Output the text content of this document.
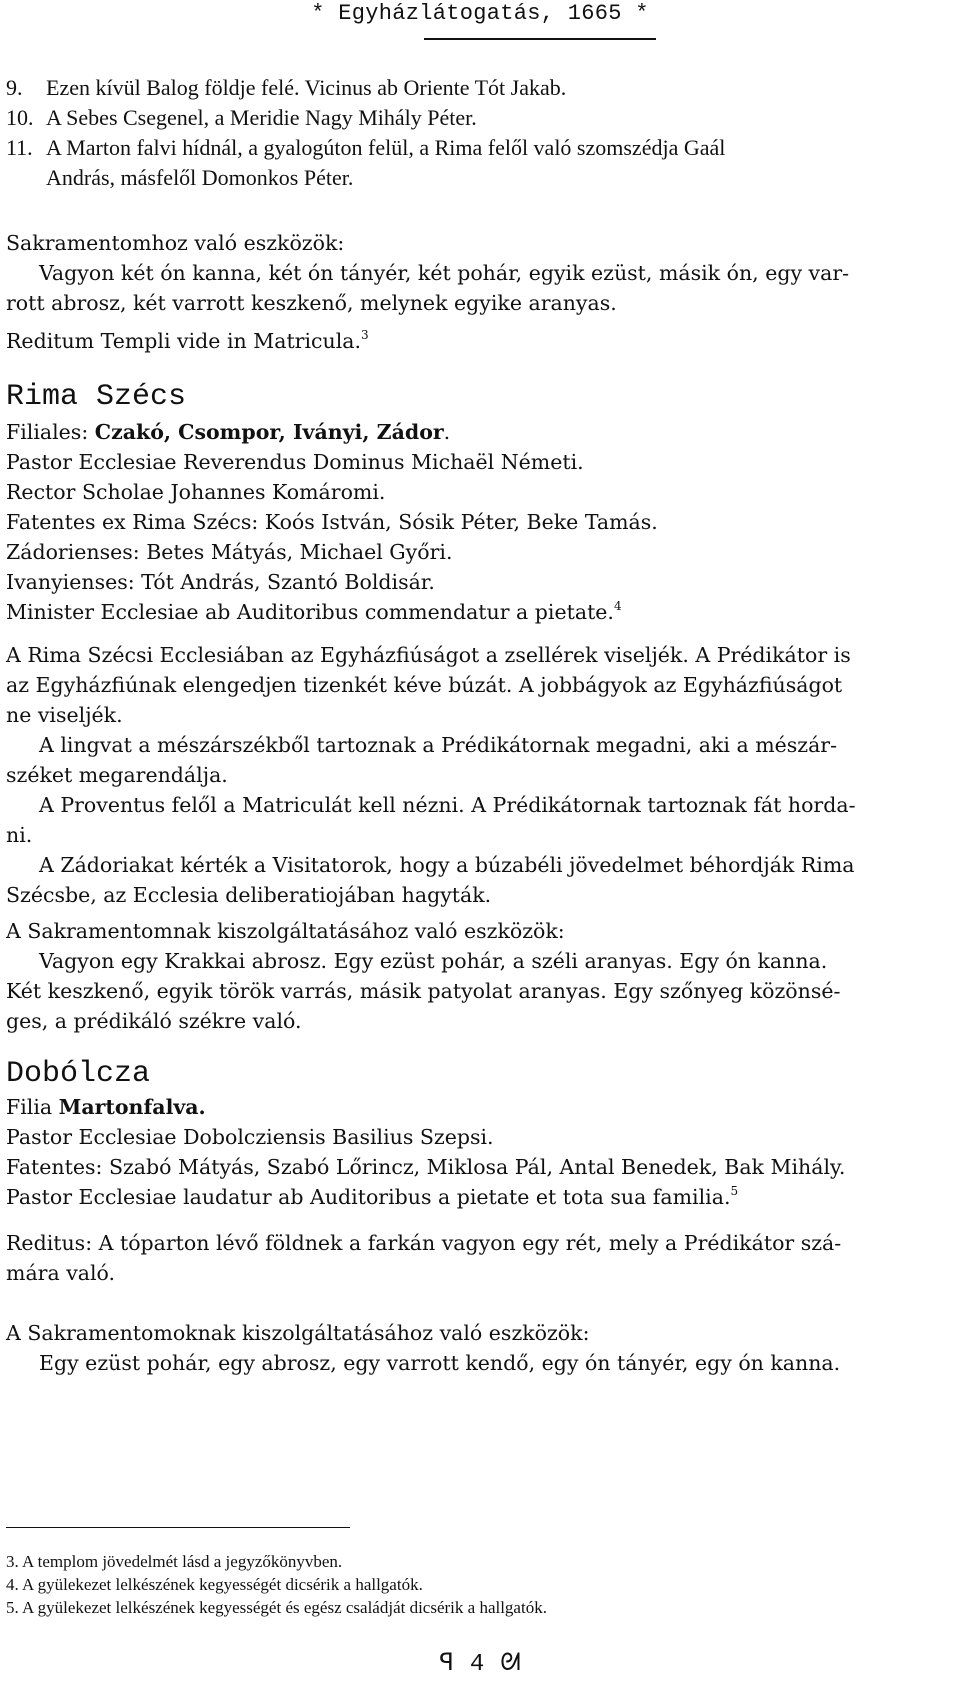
* Egyházlátogatás, 1665 *
9.	Ezen kívül Balog földje felé. Vicinus ab Oriente Tót Jakab.
10. A Sebes Csegenel, a Meridie Nagy Mihály Péter.
11. A Marton falvi hídnál, a gyalogúton felül, a Rima felől való szomszédja Gaál
András, másfelől Domonkos Péter.

Sakramentomhoz való eszközök:

Vagyon két ón kanna, két ón tányér, két pohár, egyik ezüst, másik ón, egy var-

rott abrosz, két varrott keszkenő, melynek egyike aranyas.

Reditum Templi vide in Matricula.$^3$
Rima Szécs

Filiales: Czakó, Csompor, Iványi, Zádor.

Pastor Ecclesiae Reverendus Dominus Michaël Németi.

Rector Scholae Johannes Komáromi.

Fatentes ex Rima Szécs: Koós István, Sósik Péter, Beke Tamás.

Zádorienses: Betes Mátyás, Michael Győri.

Ivanyienses: Tót András, Szantó Boldisár.

Minister Ecclesiae ab Auditoribus commendatur a pietate.$^4$

A Rima Szécsi Ecclesiában az Egyházfiúságot a zsellérek viseljék. A Prédikátor is

az Egyházfiúnak elengedjen tizenkét kéve búzát. A jobbágyok az Egyházfiúságot

ne viseljék.

A lingvat a mészárszékből tartoznak a Prédikátornak megadni, aki a mészár-

széket megarendálja.

A Proventus felől a Matriculát kell nézni. A Prédikátornak tartoznak fát horda-

ni.

A Zádoriakat kérték a Visitatorok, hogy a búzabéli jövedelmet béhordják Rima

Szécsbe, az Ecclesia deliberatiojában hagyták.

A Sakramentomnak kiszolgáltatásához való eszközök:

Vagyon egy Krakkai abrosz. Egy ezüst pohár, a széli aranyas. Egy ón kanna.

Két keszkenő, egyik török varrás, másik patyolat aranyas. Egy szőnyeg közönsé-

ges, a prédikáló székre való.

Dobólcza

Filia Martonfalva.

Pastor Ecclesiae Dobolcziensis Basilius Szepsi.

Fatentes: Szabó Mátyás, Szabó Lőrincz, Miklosa Pál, Antal Benedek, Bak Mihály.

Pastor Ecclesiae laudatur ab Auditoribus a pietate et tota sua familia.$^5$

Reditus: A tóparton lévő földnek a farkán vagyon egy rét, mely a Prédikátor szá-

mára való.

A Sakramentomoknak kiszolgáltatásához való eszközök:

Egy ezüst pohár, egy abrosz, egy varrott kendő, egy ón tányér, egy ón kanna.

3. A templom jövedelmét lásd a jegyzőkönyvben.

4. A gyülekezet lelkészének kegyességét dicsérik a hallgatók.

5. A gyülekezet lelkészének kegyességét és egész családját dicsérik a hallgatók.

ꟼ 4 ᘛ
